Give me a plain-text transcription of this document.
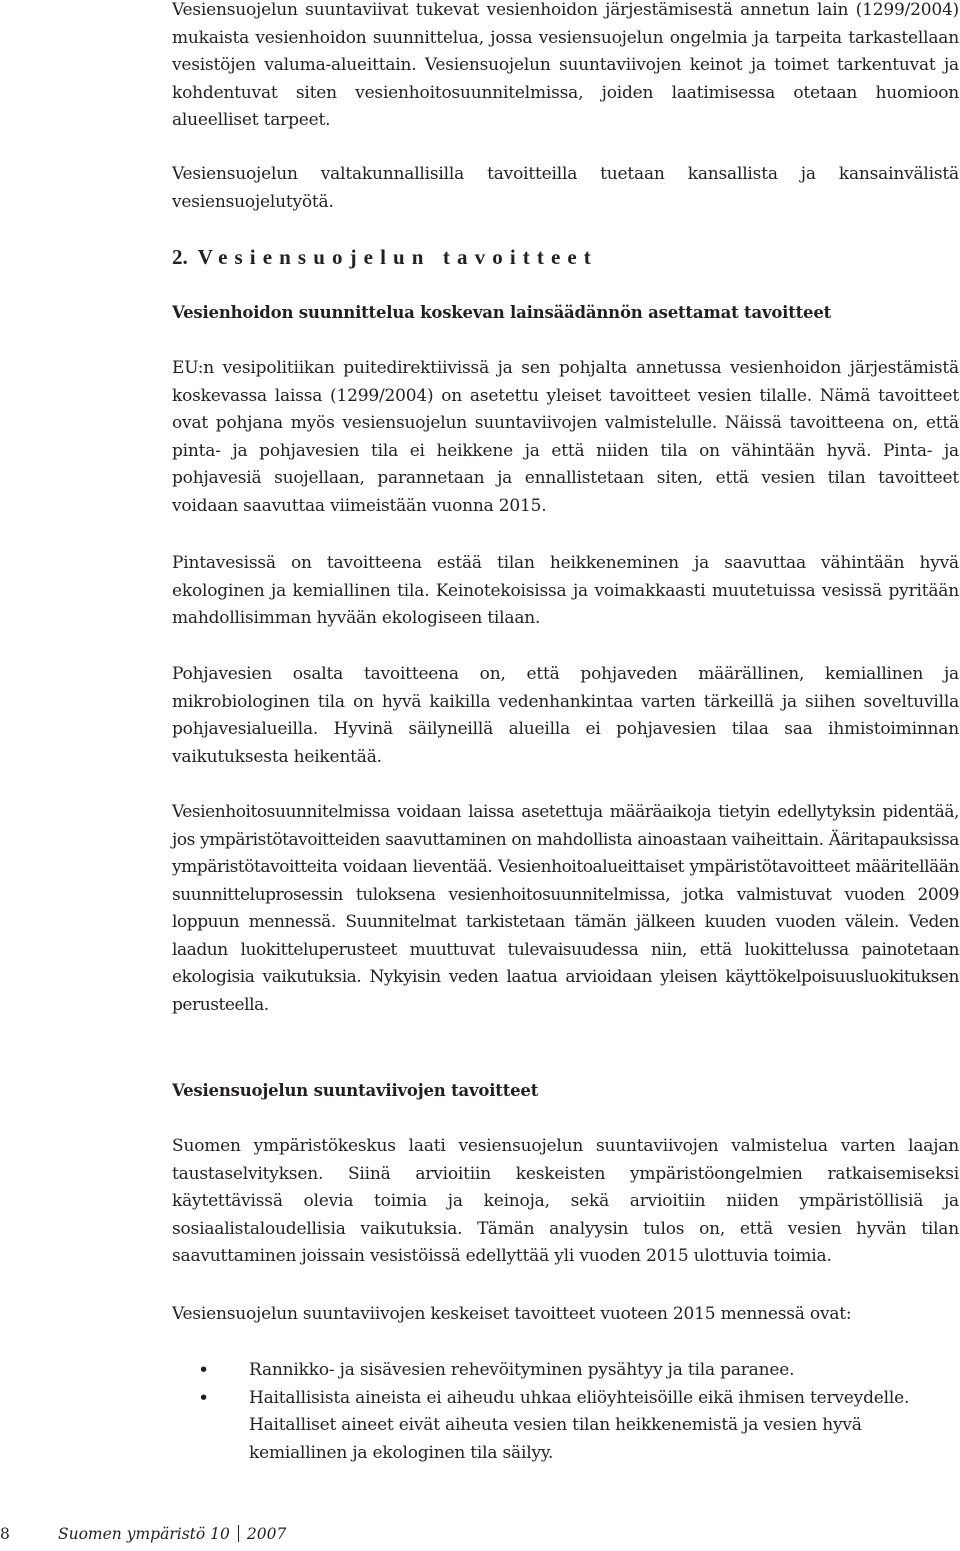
Vesiensuojelun suuntaviivat tukevat vesienhoidon järjestämisestä annetun lain (1299/2004) mukaista vesienhoidon suunnittelua, jossa vesiensuojelun ongelmia ja tarpeita tarkastellaan vesistöjen valuma-alueittain. Vesiensuojelun suuntaviivojen keinot ja toimet tarkentuvat ja kohdentuvat siten vesienhoitosuunnitelmissa, joiden laatimisessa otetaan huomioon alueelliset tarpeet.

Vesiensuojelun valtakunnallisilla tavoitteilla tuetaan kansallista ja kansainvälistä vesiensuojelutyötä.

2. Vesiensuojelun tavoitteet
Vesienhoidon suunnittelua koskevan lainsäädännön asettamat tavoitteet

EU:n vesipolitiikan puitedirektiivissä ja sen pohjalta annetussa vesienhoidon järjestämistä koskevassa laissa (1299/2004) on asetettu yleiset tavoitteet vesien tilalle. Nämä tavoitteet ovat pohjana myös vesiensuojelun suuntaviivojen valmistelulle. Näissä tavoitteena on, että pinta- ja pohjavesien tila ei heikkene ja että niiden tila on vähintään hyvä. Pinta- ja pohjavesiä suojellaan, parannetaan ja ennallistetaan siten, että vesien tilan tavoitteet voidaan saavuttaa viimeistään vuonna 2015.

Pintavesissä on tavoitteena estää tilan heikkeneminen ja saavuttaa vähintään hyvä ekologinen ja kemiallinen tila. Keinotekoisissa ja voimakkaasti muutetuissa vesissä pyritään mahdollisimman hyvään ekologiseen tilaan.

Pohjavesien osalta tavoitteena on, että pohjaveden määrällinen, kemiallinen ja mikrobiologinen tila on hyvä kaikilla vedenhankintaa varten tärkeillä ja siihen soveltuvilla pohjavesialueilla. Hyvinä säilyneillä alueilla ei pohjavesien tilaa saa ihmistoiminnan vaikutuksesta heikentää.

Vesienhoitosuunnitelmissa voidaan laissa asetettuja määräaikoja tietyin edellytyksin pidentää, jos ympäristötavoitteiden saavuttaminen on mahdollista ainoastaan vaiheittain. Ääritapauksissa ympäristötavoitteita voidaan lieventää. Vesienhoitoalueittaiset ympäristötavoitteet määritellään suunnitteluprosessin tuloksena vesienhoitosuunnitelmissa, jotka valmistuvat vuoden 2009 loppuun mennessä. Suunnitelmat tarkistetaan tämän jälkeen kuuden vuoden välein. Veden laadun luokitteluperusteet muuttuvat tulevaisuudessa niin, että luokittelussa painotetaan ekologisia vaikutuksia. Nykyisin veden laatua arvioidaan yleisen käyttökelpoisuusluokituksen perusteella.

Vesiensuojelun suuntaviivojen tavoitteet

Suomen ympäristökeskus laati vesiensuojelun suuntaviivojen valmistelua varten laajan taustaselvityksen. Siinä arvioitiin keskeisten ympäristöongelmien ratkaisemiseksi käytettävissä olevia toimia ja keinoja, sekä arvioitiin niiden ympäristöllisiä ja sosiaalistaloudellisia vaikutuksia. Tämän analyysin tulos on, että vesien hyvän tilan saavuttaminen joissain vesistöissä edellyttää yli vuoden 2015 ulottuvia toimia.

Vesiensuojelun suuntaviivojen keskeiset tavoitteet vuoteen 2015 mennessä ovat:

• Rannikko- ja sisävesien rehevöityminen pysähtyy ja tila paranee.
• Haitallisista aineista ei aiheudu uhkaa eliöyhteisöille eikä ihmisen terveydelle. Haitalliset aineet eivät aiheuta vesien tilan heikkenemistä ja vesien hyvä kemiallinen ja ekologinen tila säilyy.
8	Suomen ympäristö 10 2007
